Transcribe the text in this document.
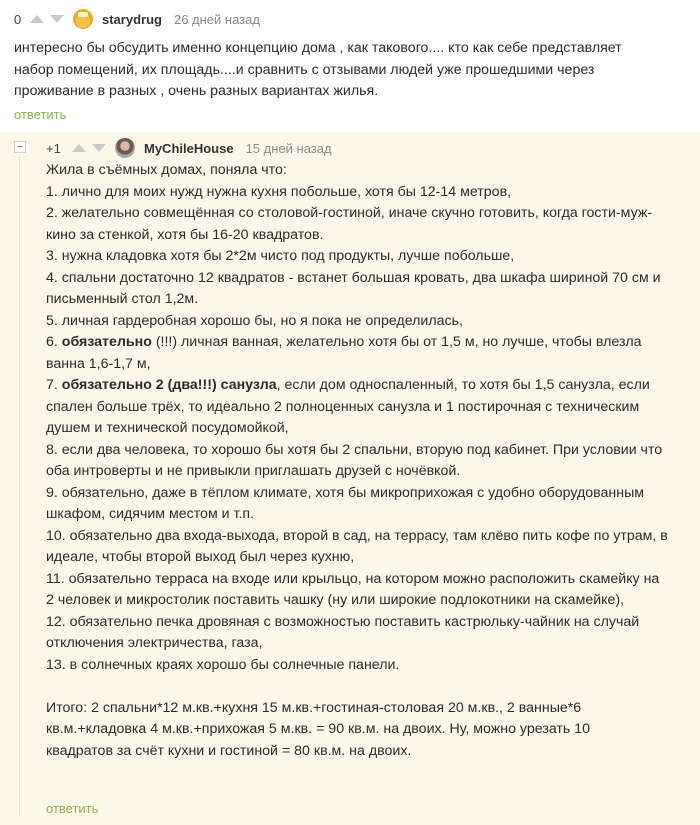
0	starydrug 26 дней назад
интересно бы обсудить именно концепцию дома , как такового.... кто как себе представляет
набор помещений, их площадь....и сравнить с отзывами людей уже прошедшими через
проживание в разных , очень разных вариантах жилья.
ответить
+1	MyChileHouse 15 дней назад

Жила в съёмных домах, поняла что:

1. лично для моих нужд нужна кухня побольше, хотя бы 12-14 метров,

2. желательно совмещённая со столовой-гостиной, иначе скучно готовить, когда гости-муж-

кино за стенкой, хотя бы 16-20 квадратов.

3. нужна кладовка хотя бы 2*2м чисто под продукты, лучше побольше,

4. спальни достаточно 12 квадратов - встанет большая кровать, два шкафа шириной 70 см и

письменный стол 1,2м.

5. личная гардеробная хорошо бы, но я пока не определилась,

6. обязательно (!!!) личная ванная, желательно хотя бы от 1,5 м, но лучше, чтобы влезла

ванна 1,6-1,7 м,

7. обязательно 2 (два!!!) санузла, если дом односпаленный, то хотя бы 1,5 санузла, если

спален больше трёх, то идеально 2 полноценных санузла и 1 постирочная с техническим

душем и технической посудомойкой,

8. если два человека, то хорошо бы хотя бы 2 спальни, вторую под кабинет. При условии что

оба интроверты и не привыкли приглашать друзей с ночёвкой.

9. обязательно, даже в тёплом климате, хотя бы микроприхожая с удобно оборудованным

шкафом, сидячим местом и т.п.

10. обязательно два входа-выхода, второй в сад, на террасу, там клёво пить кофе по утрам, в

идеале, чтобы второй выход был через кухню,

11. обязательно терраса на входе или крыльцо, на котором можно расположить скамейку на

2 человек и микростолик поставить чашку (ну или широкие подлокотники на скамейке),

12. обязательно печка дровяная с возможностью поставить кастрюльку-чайник на случай

отключения электричества, газа,

13. в солнечных краях хорошо бы солнечные панели.

Итого: 2 спальни*12 м.кв.+кухня 15 м.кв.+гостиная-столовая 20 м.кв., 2 ванные*6

кв.м.+кладовка 4 м.кв.+прихожая 5 м.кв. = 90 кв.м. на двоих. Ну, можно урезать 10

квадратов за счёт кухни и гостиной = 80 кв.м. на двоих.

ответить
